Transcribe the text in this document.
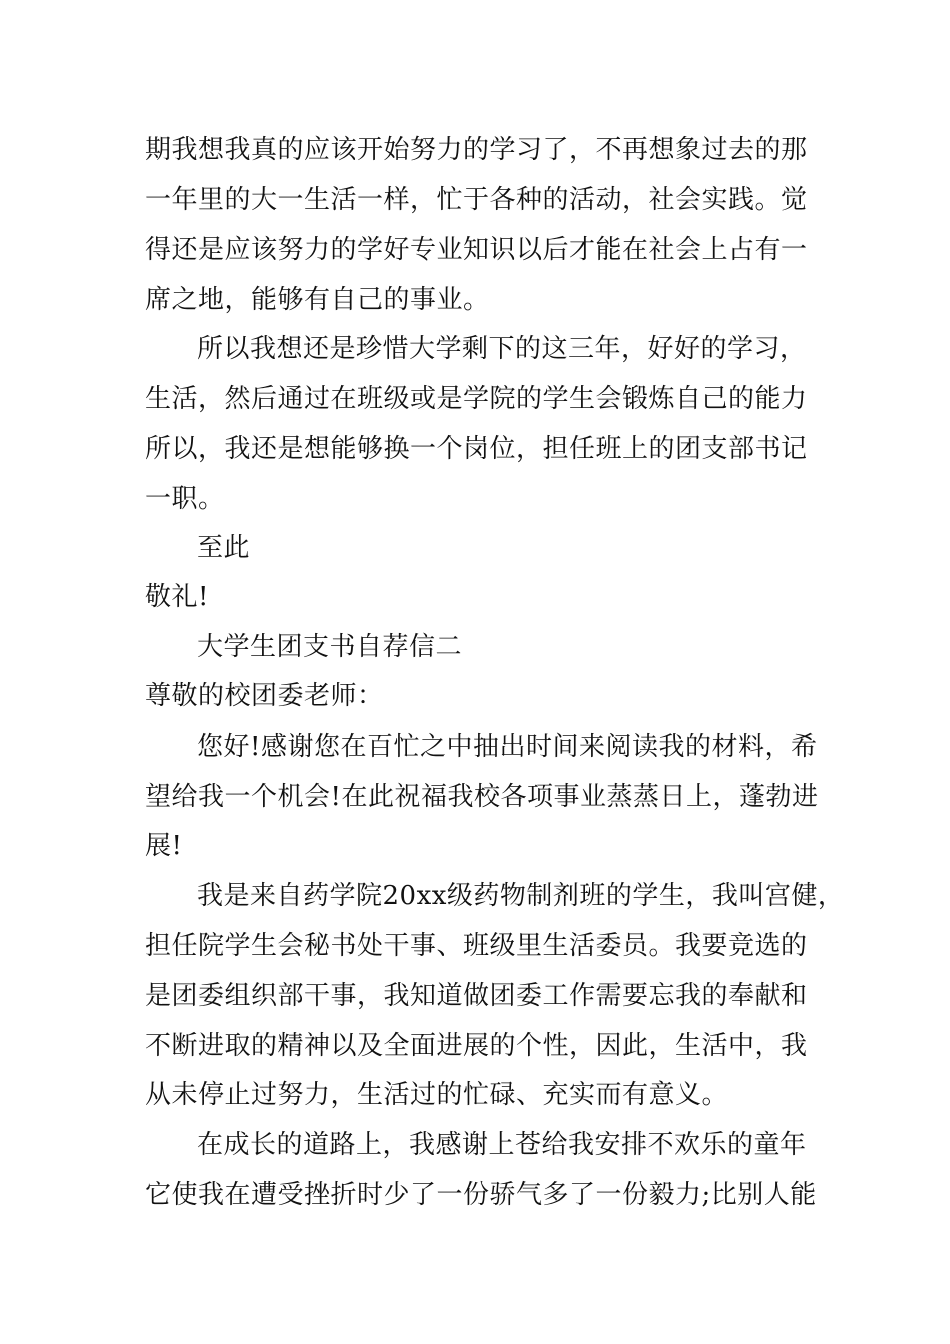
期我想我真的应该开始努力的学习了，不再想象过去的那
一年里的大一生活一样，忙于各种的活动，社会实践。觉
得还是应该努力的学好专业知识以后才能在社会上占有一
席之地，能够有自己的事业。
所以我想还是珍惜大学剩下的这三年，好好的学习，
生活，然后通过在班级或是学院的学生会锻炼自己的能力
所以，我还是想能够换一个岗位，担任班上的团支部书记
一职。
至此
敬礼!
大学生团支书自荐信二
尊敬的校团委老师：
您好!感谢您在百忙之中抽出时间来阅读我的材料，希
望给我一个机会!在此祝福我校各项事业蒸蒸日上，蓬勃进
展!
我是来自药学院20xx级药物制剂班的学生，我叫宫健，
担任院学生会秘书处干事、班级里生活委员。我要竞选的
是团委组织部干事，我知道做团委工作需要忘我的奉献和
不断进取的精神以及全面进展的个性，因此，生活中，我
从未停止过努力，生活过的忙碌、充实而有意义。
在成长的道路上，我感谢上苍给我安排不欢乐的童年
它使我在遭受挫折时少了一份骄气多了一份毅力;比别人能
